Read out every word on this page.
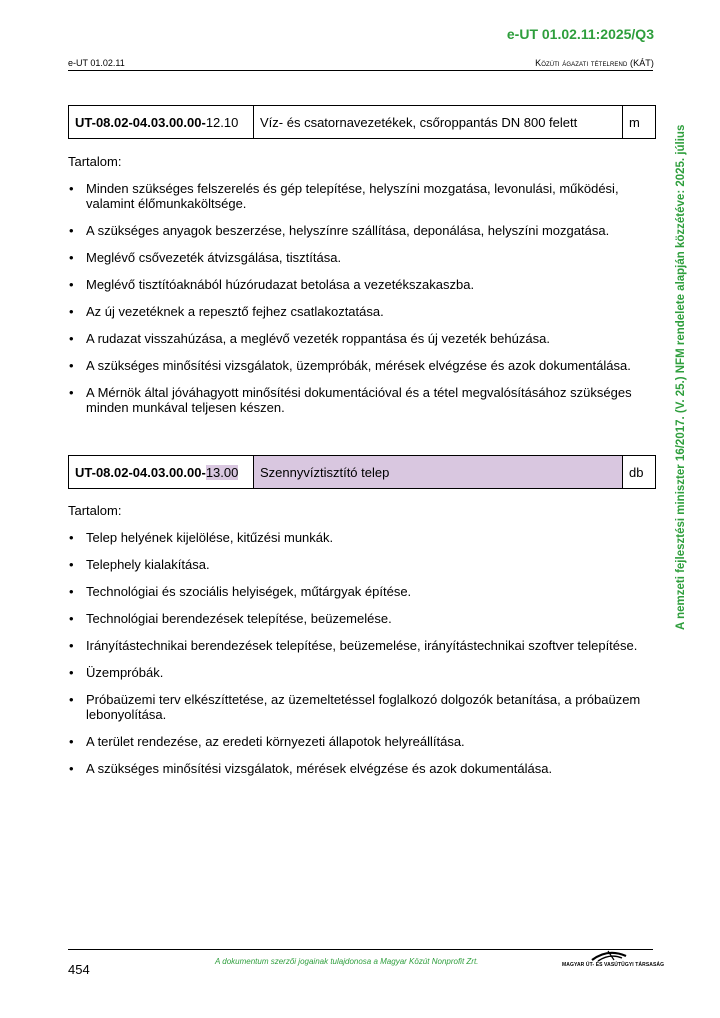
e-UT 01.02.11:2025/Q3
e-UT 01.02.11	Közúti ágazati tételrend (KÁT)
A nemzeti fejlesztési miniszter 16/2017. (V. 25.) NFM rendelete alapján közzétéve: 2025. július
UT-08.02-04.03.00.00-12.10	Víz- és csatornavezetékek, csőroppantás DN 800 felett	m
Tartalom:
• Minden szükséges felszerelés és gép telepítése, helyszíni mozgatása, levonulási, működési, valamint élőmunkaköltsége.
• A szükséges anyagok beszerzése, helyszínre szállítása, deponálása, helyszíni mozgatása.
• Meglévő csővezeték átvizsgálása, tisztítása.
• Meglévő tisztítóaknából húzórudazat betolása a vezetékszakaszba.
• Az új vezetéknek a repesztő fejhez csatlakoztatása.
• A rudazat visszahúzása, a meglévő vezeték roppantása és új vezeték behúzása.
• A szükséges minősítési vizsgálatok, üzempróbák, mérések elvégzése és azok dokumentálása.
• A Mérnök által jóváhagyott minősítési dokumentációval és a tétel megvalósításához szükséges minden munkával teljesen készen.
UT-08.02-04.03.00.00-13.00	Szennyvíztisztító telep	db
Tartalom:
• Telep helyének kijelölése, kitűzési munkák.
• Telephely kialakítása.
• Technológiai és szociális helyiségek, műtárgyak építése.
• Technológiai berendezések telepítése, beüzemelése.
• Irányítástechnikai berendezések telepítése, beüzemelése, irányítástechnikai szoftver telepítése.
• Üzempróbák.
• Próbaüzemi terv elkészíttetése, az üzemeltetéssel foglalkozó dolgozók betanítása, a próbaüzem lebonyolítása.
• A terület rendezése, az eredeti környezeti állapotok helyreállítása.
• A szükséges minősítési vizsgálatok, mérések elvégzése és azok dokumentálása.
454
A dokumentum szerzői jogainak tulajdonosa a Magyar Közút Nonprofit Zrt.	MAGYAR ÚT- ÉS VASÚTÜGYI TÁRSASÁG
